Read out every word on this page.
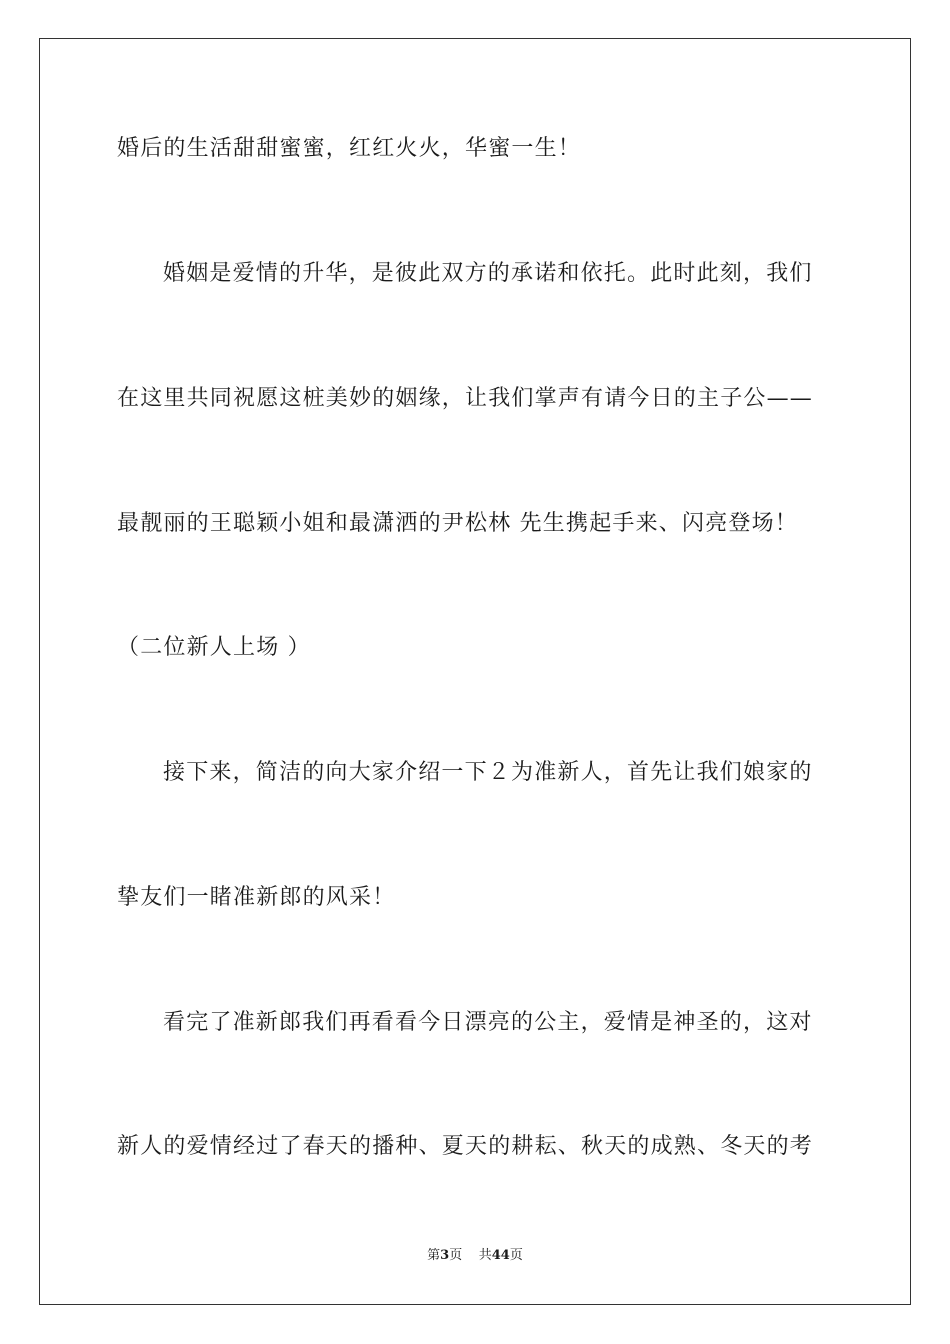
婚后的生活甜甜蜜蜜，红红火火，华蜜一生！
婚姻是爱情的升华，是彼此双方的承诺和依托。此时此刻，我们
在这里共同祝愿这桩美妙的姻缘，让我们掌声有请今日的主子公——
最靓丽的王聪颖小姐和最潇洒的尹松林 先生携起手来、闪亮登场！
（二位新人上场 ）
接下来，简洁的向大家介绍一下２为准新人，首先让我们娘家的
挚友们一睹准新郎的风采！
看完了准新郎我们再看看今日漂亮的公主，爱情是神圣的，这对
新人的爱情经过了春天的播种、夏天的耕耘、秋天的成熟、冬天的考
第3页 共44页
